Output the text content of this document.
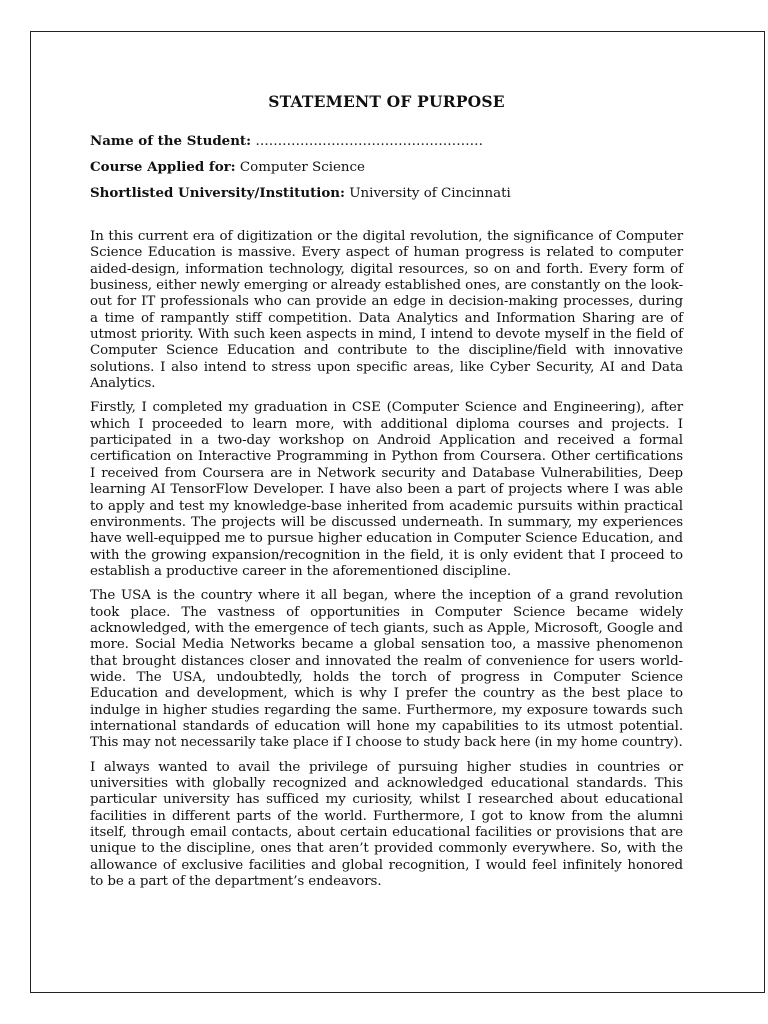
STATEMENT OF PURPOSE
Name of the Student: ……………………………………………
Course Applied for: Computer Science
Shortlisted University/Institution: University of Cincinnati

In this current era of digitization or the digital revolution, the significance of Computer Science Education is massive. Every aspect of human progress is related to computer aided-design, information technology, digital resources, so on and forth. Every form of business, either newly emerging or already established ones, are constantly on the look-out for IT professionals who can provide an edge in decision-making processes, during a time of rampantly stiff competition. Data Analytics and Information Sharing are of utmost priority. With such keen aspects in mind, I intend to devote myself in the field of Computer Science Education and contribute to the discipline/field with innovative solutions. I also intend to stress upon specific areas, like Cyber Security, AI and Data Analytics.

Firstly, I completed my graduation in CSE (Computer Science and Engineering), after which I proceeded to learn more, with additional diploma courses and projects. I participated in a two-day workshop on Android Application and received a formal certification on Interactive Programming in Python from Coursera. Other certifications I received from Coursera are in Network security and Database Vulnerabilities, Deep learning AI TensorFlow Developer. I have also been a part of projects where I was able to apply and test my knowledge-base inherited from academic pursuits within practical environments. The projects will be discussed underneath. In summary, my experiences have well-equipped me to pursue higher education in Computer Science Education, and with the growing expansion/recognition in the field, it is only evident that I proceed to establish a productive career in the aforementioned discipline.

The USA is the country where it all began, where the inception of a grand revolution took place. The vastness of opportunities in Computer Science became widely acknowledged, with the emergence of tech giants, such as Apple, Microsoft, Google and more. Social Media Networks became a global sensation too, a massive phenomenon that brought distances closer and innovated the realm of convenience for users world-wide. The USA, undoubtedly, holds the torch of progress in Computer Science Education and development, which is why I prefer the country as the best place to indulge in higher studies regarding the same. Furthermore, my exposure towards such international standards of education will hone my capabilities to its utmost potential. This may not necessarily take place if I choose to study back here (in my home country).

I always wanted to avail the privilege of pursuing higher studies in countries or universities with globally recognized and acknowledged educational standards. This particular university has sufficed my curiosity, whilst I researched about educational facilities in different parts of the world. Furthermore, I got to know from the alumni itself, through email contacts, about certain educational facilities or provisions that are unique to the discipline, ones that aren’t provided commonly everywhere. So, with the allowance of exclusive facilities and global recognition, I would feel infinitely honored to be a part of the department’s endeavors.
